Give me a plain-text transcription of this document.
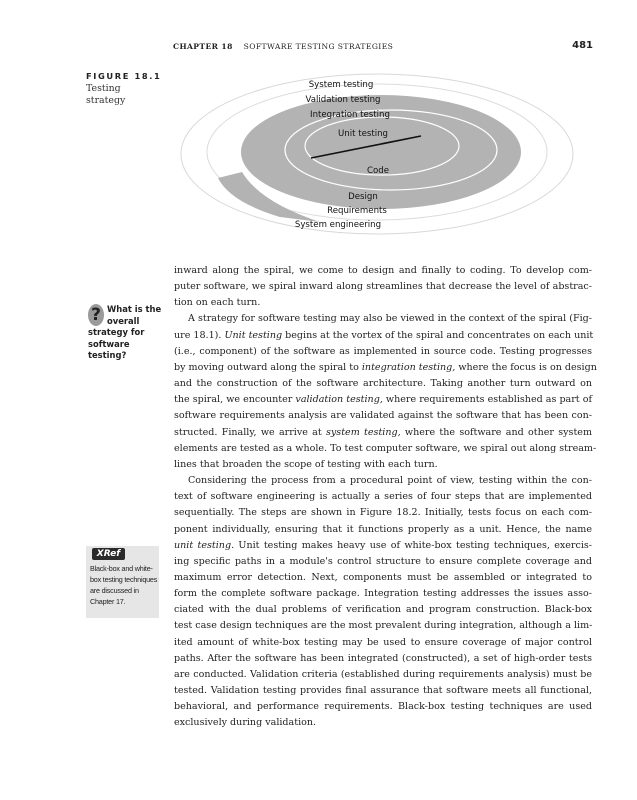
CHAPTER 18 SOFTWARE TESTING STRATEGIES	481
FIGURE 18.1
Testing
strategy
System testing
Validation testing
Integration testing
Unit testing
Code
Design
Requirements
System engineering
? What is the
overall
strategy for
software testing?
XRef
Black-box and white-
box testing techniques
are discussed in
Chapter 17.

inward along the spiral, we come to design and finally to coding. To develop com-
puter software, we spiral inward along streamlines that decrease the level of abstrac-
tion on each turn.

A strategy for software testing may also be viewed in the context of the spiral (Fig-
ure 18.1). Unit testing begins at the vortex of the spiral and concentrates on each unit
(i.e., component) of the software as implemented in source code. Testing progresses
by moving outward along the spiral to integration testing, where the focus is on design
and the construction of the software architecture. Taking another turn outward on
the spiral, we encounter validation testing, where requirements established as part of
software requirements analysis are validated against the software that has been con-
structed. Finally, we arrive at system testing, where the software and other system
elements are tested as a whole. To test computer software, we spiral out along stream-
lines that broaden the scope of testing with each turn.

Considering the process from a procedural point of view, testing within the con-
text of software engineering is actually a series of four steps that are implemented
sequentially. The steps are shown in Figure 18.2. Initially, tests focus on each com-
ponent individually, ensuring that it functions properly as a unit. Hence, the name
unit testing. Unit testing makes heavy use of white-box testing techniques, exercis-
ing specific paths in a module's control structure to ensure complete coverage and
maximum error detection. Next, components must be assembled or integrated to
form the complete software package. Integration testing addresses the issues asso-
ciated with the dual problems of verification and program construction. Black-box
test case design techniques are the most prevalent during integration, although a lim-
ited amount of white-box testing may be used to ensure coverage of major control
paths. After the software has been integrated (constructed), a set of high-order tests
are conducted. Validation criteria (established during requirements analysis) must be
tested. Validation testing provides final assurance that software meets all functional,
behavioral, and performance requirements. Black-box testing techniques are used
exclusively during validation.
